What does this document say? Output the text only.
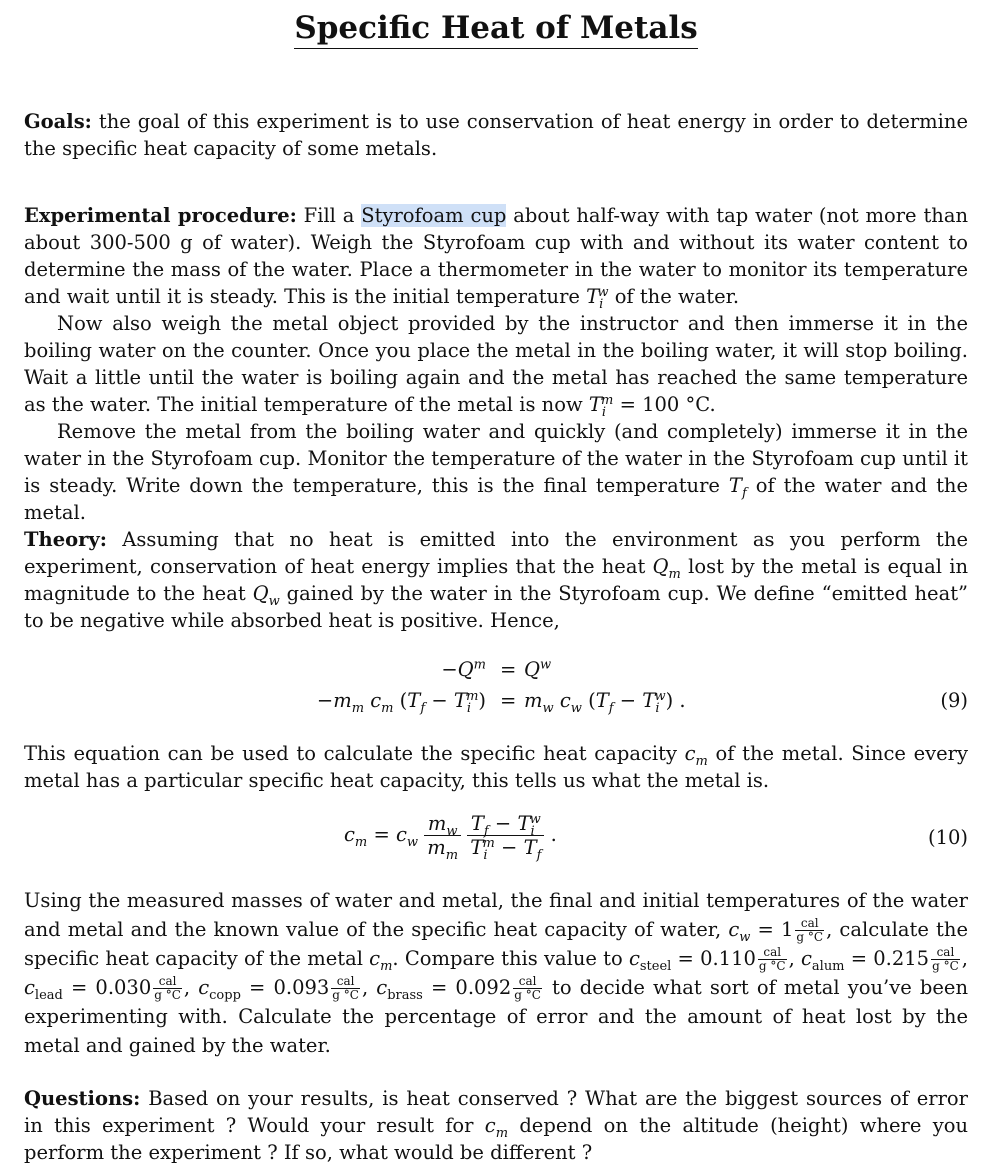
Specific Heat of Metals

Goals: the goal of this experiment is to use conservation of heat energy in order to determine the specific heat capacity of some metals.

Experimental procedure: Fill a Styrofoam cup about half-way with tap water (not more than about 300-500 g of water). Weigh the Styrofoam cup with and without its water content to determine the mass of the water. Place a thermometer in the water to monitor its temperature and wait until it is steady. This is the initial temperature $T_i^w$ of the water.

Now also weigh the metal object provided by the instructor and then immerse it in the boiling water on the counter. Once you place the metal in the boiling water, it will stop boiling. Wait a little until the water is boiling again and the metal has reached the same temperature as the water. The initial temperature of the metal is now $T_i^m = 100$ °C.

Remove the metal from the boiling water and quickly (and completely) immerse it in the water in the Styrofoam cup. Monitor the temperature of the water in the Styrofoam cup until it is steady. Write down the temperature, this is the final temperature $T_f$ of the water and the metal.

Theory: Assuming that no heat is emitted into the environment as you perform the experiment, conservation of heat energy implies that the heat $Q_m$ lost by the metal is equal in magnitude to the heat $Q_w$ gained by the water in the Styrofoam cup. We define “emitted heat” to be negative while absorbed heat is positive. Hence,

$-Q^m = Q^w$
$-m_m$ $c_m$ $(T_f - T_i^m) = m_w$ $c_w$ $(T_f - T_i^w)$ .	(9)

This equation can be used to calculate the specific heat capacity $c_m$ of the metal. Since every metal has a particular specific heat capacity, this tells us what the metal is.

$c_m = c_w \frac{m_w}{m_m}$
$\frac{T_f - T_i^w}{T_i^m - T_f}$ .	(10)

Using the measured masses of water and metal, the final and initial temperatures of the water and metal and the known value of the specific heat capacity of water, $c_w = 1 \frac{\text{cal}}{g ^\circ C}$ , calculate the specific heat capacity of the metal $c_m$. Compare this value to $c_{steel} = 0.110 \frac{\text{cal}}{g ^\circ C}$ , $c_{alum} = 0.215 \frac{\text{cal}}{g ^\circ C}$ , $c_{lead} = 0.030 \frac{\text{cal}}{g ^\circ C}$ , $c_{copp} = 0.093 \frac{\text{cal}}{g ^\circ C}$ , $c_{brass} = 0.092 \frac{\text{cal}}{g ^\circ C}$ to decide what sort of metal you’ve been experimenting with. Calculate the percentage of error and the amount of heat lost by the metal and gained by the water.

Questions: Based on your results, is heat conserved ? What are the biggest sources of error in this experiment ? Would your result for $c_m$ depend on the altitude (height) where you perform the experiment ? If so, what would be different ?
